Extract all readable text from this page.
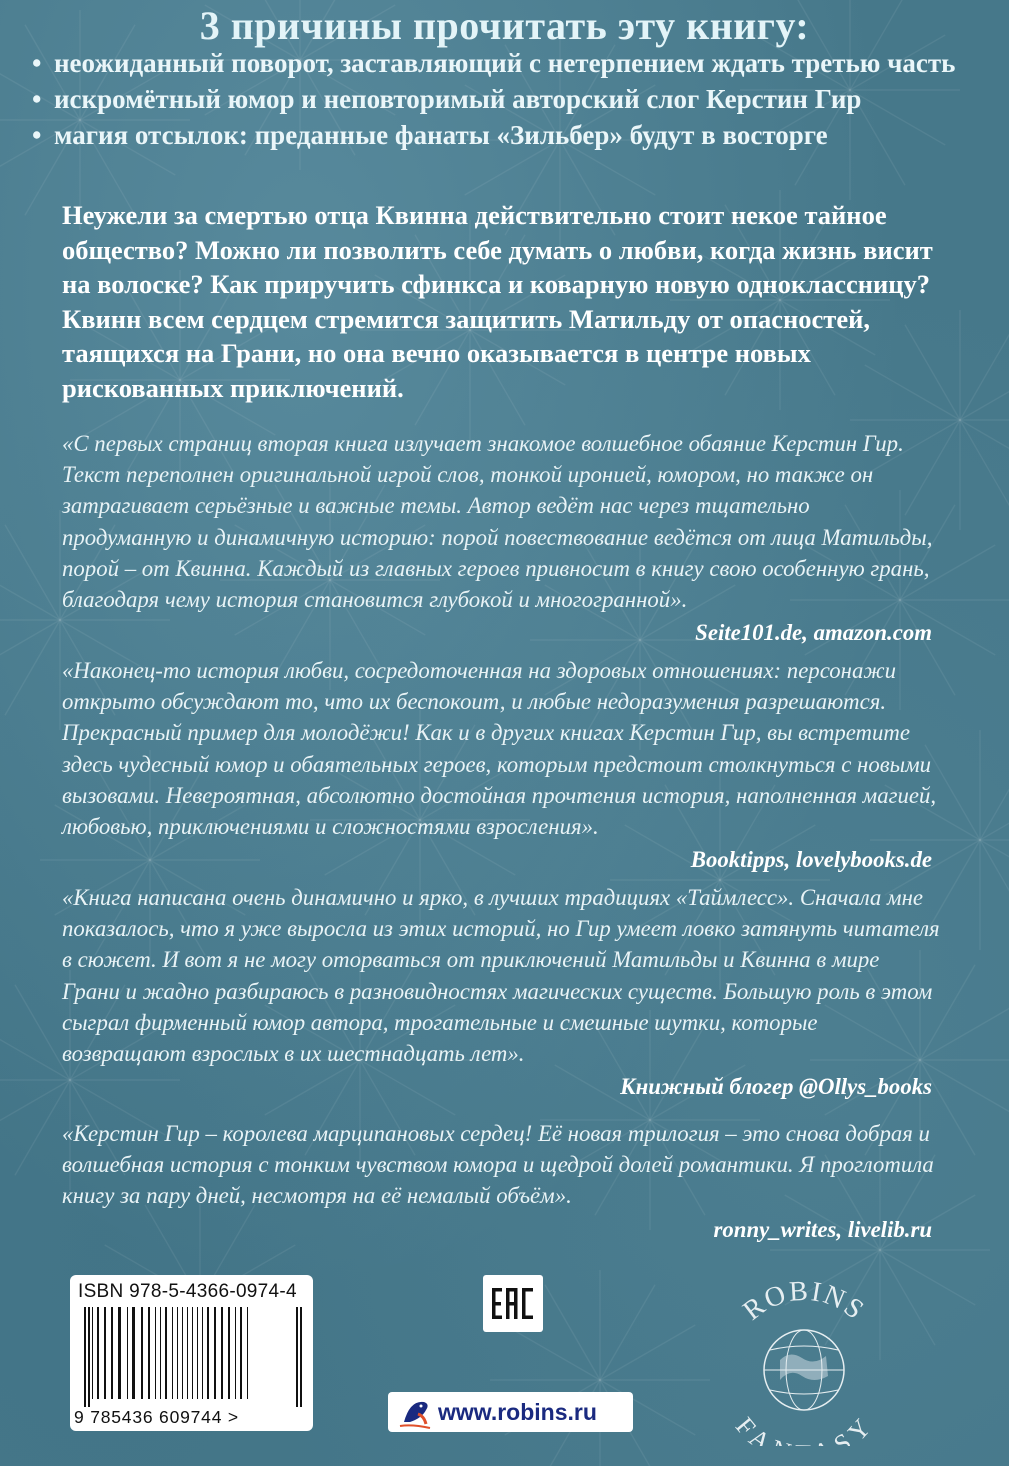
3 причины прочитать эту книгу:
• неожиданный поворот, заставляющий с нетерпением ждать третью часть
• искромётный юмор и неповторимый авторский слог Керстин Гир
• магия отсылок: преданные фанаты «Зильбер» будут в восторге
Неужели за смертью отца Квинна действительно стоит некое тайное общество? Можно ли позволить себе думать о любви, когда жизнь висит на волоске? Как приручить сфинкса и коварную новую одноклассницу? Квинн всем сердцем стремится защитить Матильду от опасностей, таящихся на Грани, но она вечно оказывается в центре новых рискованных приключений.
«С первых страниц вторая книга излучает знакомое волшебное обаяние Керстин Гир. Текст переполнен оригинальной игрой слов, тонкой иронией, юмором, но также он затрагивает серьёзные и важные темы. Автор ведёт нас через тщательно продуманную и динамичную историю: порой повествование ведётся от лица Матильды, порой – от Квинна. Каждый из главных героев привносит в книгу свою особенную грань, благодаря чему история становится глубокой и многогранной».
Seite101.de, amazon.com
«Наконец-то история любви, сосредоточенная на здоровых отношениях: персонажи открыто обсуждают то, что их беспокоит, и любые недоразумения разрешаются. Прекрасный пример для молодёжи! Как и в других книгах Керстин Гир, вы встретите здесь чудесный юмор и обаятельных героев, которым предстоит столкнуться с новыми вызовами. Невероятная, абсолютно достойная прочтения история, наполненная магией, любовью, приключениями и сложностями взросления».
Booktipps, lovelybooks.de
«Книга написана очень динамично и ярко, в лучших традициях «Таймлесс». Сначала мне показалось, что я уже выросла из этих историй, но Гир умеет ловко затянуть читателя в сюжет. И вот я не могу оторваться от приключений Матильды и Квинна в мире Грани и жадно разбираюсь в разновидностях магических существ. Большую роль в этом сыграл фирменный юмор автора, трогательные и смешные шутки, которые возвращают взрослых в их шестнадцать лет».
Книжный блогер @Ollys_books
«Керстин Гир – королева марципановых сердец! Её новая трилогия – это снова добрая и волшебная история с тонким чувством юмора и щедрой долей романтики. Я проглотила книгу за пару дней, несмотря на её немалый объём».
ronny_writes, livelib.ru
ISBN 978-5-4366-0974-4
9 785436 609744 >	www.robins.ru
ROBINS
FA SY
